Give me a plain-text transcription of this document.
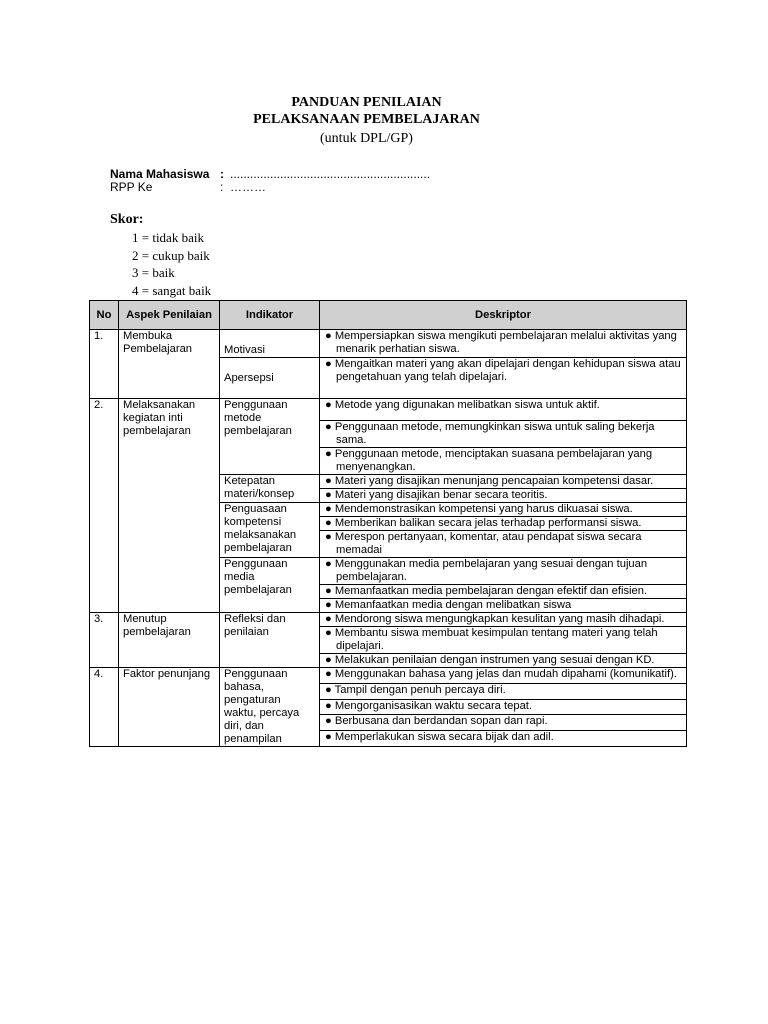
PANDUAN PENILAIAN
PELAKSANAAN PEMBELAJARAN
(untuk DPL/GP)
Nama Mahasiswa : ............................................................
RPP Ke	: ………
Skor:
1 = tidak baik
2 = cukup baik
3 = baik
4 = sangat baik
No	Aspek Penilaian	Indikator	Deskriptor
1.	Membuka Pembelajaran	Motivasi	● Mempersiapkan siswa mengikuti pembelajaran melalui aktivitas yang menarik perhatian siswa.

		Apersepsi	● Mengaitkan materi yang akan dipelajari dengan kehidupan siswa atau pengetahuan yang telah dipelajari.

2.	Melaksanakan kegiatan inti pembelajaran	Penggunaan metode pembelajaran	● Metode yang digunakan melibatkan siswa untuk aktif.

			● Penggunaan metode, memungkinkan siswa untuk saling bekerja sama.

			● Penggunaan metode, menciptakan suasana pembelajaran yang menyenangkan.

		Ketepatan materi/konsep	● Materi yang disajikan menunjang pencapaian kompetensi dasar.

			● Materi yang disajikan benar secara teoritis.

		Penguasaan kompetensi melaksanakan pembelajaran	● Mendemonstrasikan kompetensi yang harus dikuasai siswa.

			● Memberikan balikan secara jelas terhadap performansi siswa.

			● Merespon pertanyaan, komentar, atau pendapat siswa secara memadai

		Penggunaan media pembelajaran	● Menggunakan media pembelajaran yang sesuai dengan tujuan pembelajaran.

			● Memanfaatkan media pembelajaran dengan efektif dan efisien.

			● Memanfaatkan media dengan melibatkan siswa

3.	Menutup pembelajaran	Refleksi dan penilaian	● Mendorong siswa mengungkapkan kesulitan yang masih dihadapi.

			● Membantu siswa membuat kesimpulan tentang materi yang telah dipelajari.

			● Melakukan penilaian dengan instrumen yang sesuai dengan KD.

4.	Faktor penunjang	Penggunaan bahasa, pengaturan waktu, percaya diri, dan penampilan	● Menggunakan bahasa yang jelas dan mudah dipahami (komunikatif).

			● Tampil dengan penuh percaya diri.

			● Mengorganisasikan waktu secara tepat.

			● Berbusana dan berdandan sopan dan rapi.

			● Memperlakukan siswa secara bijak dan adil.
